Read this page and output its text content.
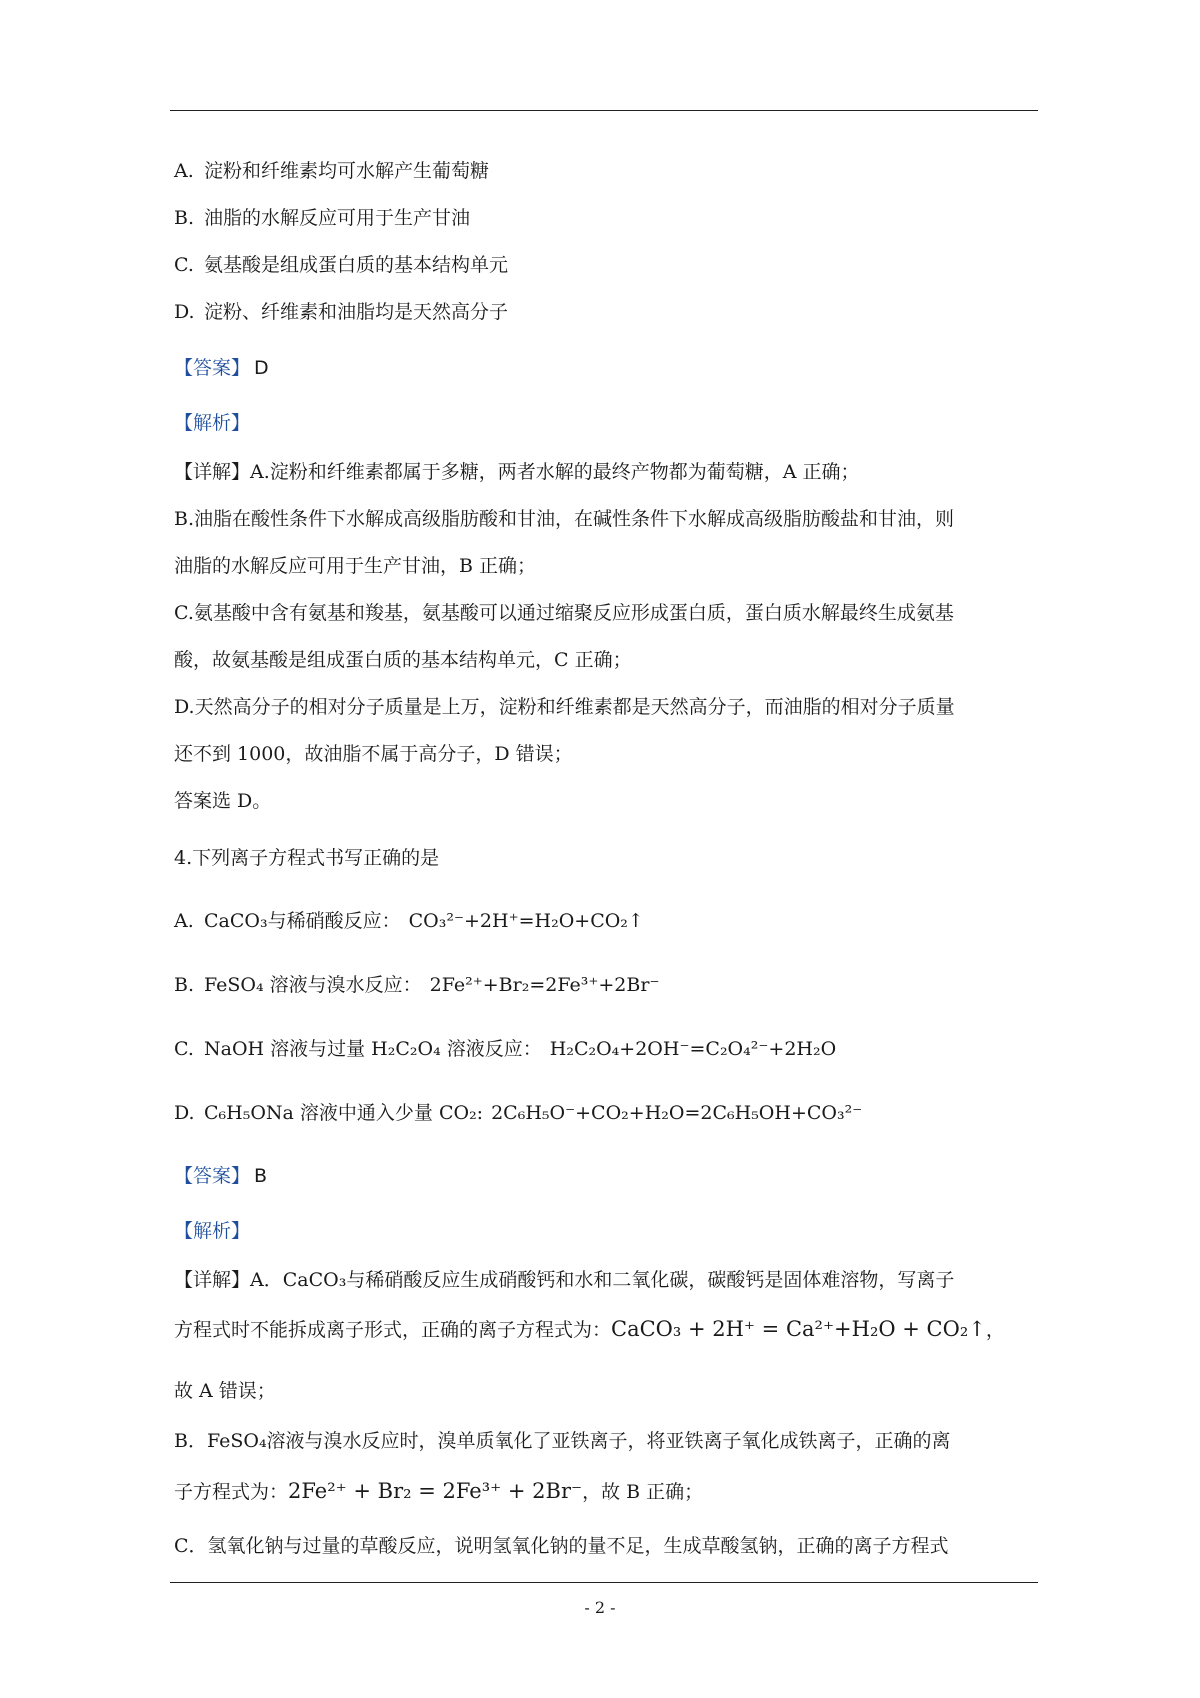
A. 淀粉和纤维素均可水解产生葡萄糖
B. 油脂的水解反应可用于生产甘油
C. 氨基酸是组成蛋白质的基本结构单元
D. 淀粉、纤维素和油脂均是天然高分子
【答案】 D
【解析】
【详解】A.淀粉和纤维素都属于多糖，两者水解的最终产物都为葡萄糖，A 正确；
B.油脂在酸性条件下水解成高级脂肪酸和甘油，在碱性条件下水解成高级脂肪酸盐和甘油，则
油脂的水解反应可用于生产甘油，B 正确；
C.氨基酸中含有氨基和羧基，氨基酸可以通过缩聚反应形成蛋白质，蛋白质水解最终生成氨基
酸，故氨基酸是组成蛋白质的基本结构单元，C 正确；
D.天然高分子的相对分子质量是上万，淀粉和纤维素都是天然高分子，而油脂的相对分子质量
还不到 1000，故油脂不属于高分子，D 错误；
答案选 D。
4.下列离子方程式书写正确的是
A. CaCO₃与稀硝酸反应： CO₃²⁻+2H⁺=H₂O+CO₂↑
B. FeSO₄ 溶液与溴水反应： 2Fe²⁺+Br₂=2Fe³⁺+2Br⁻
C. NaOH 溶液与过量 H₂C₂O₄ 溶液反应： H₂C₂O₄+2OH⁻=C₂O₄²⁻+2H₂O
D. C₆H₅ONa 溶液中通入少量 CO₂: 2C₆H₅O⁻+CO₂+H₂O=2C₆H₅OH+CO₃²⁻
【答案】 B
【解析】
【详解】A．CaCO₃与稀硝酸反应生成硝酸钙和水和二氧化碳，碳酸钙是固体难溶物，写离子
方程式时不能拆成离子形式，正确的离子方程式为：CaCO₃ + 2H⁺ = Ca²⁺+H₂O + CO₂↑，
故 A 错误；
B．FeSO₄溶液与溴水反应时，溴单质氧化了亚铁离子，将亚铁离子氧化成铁离子，正确的离
子方程式为：2Fe²⁺ + Br₂ = 2Fe³⁺ + 2Br⁻，故 B 正确；
C．氢氧化钠与过量的草酸反应，说明氢氧化钠的量不足，生成草酸氢钠，正确的离子方程式
- 2 -
